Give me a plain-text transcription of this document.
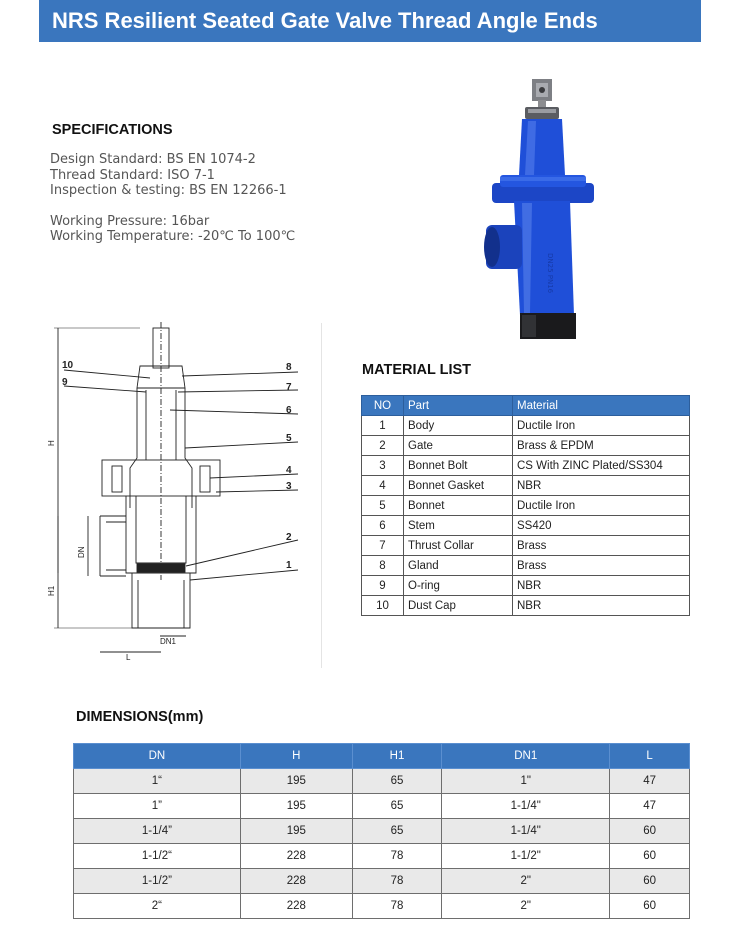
NRS Resilient Seated Gate Valve Thread Angle Ends
SPECIFICATIONS
Design Standard: BS EN 1074-2
Thread Standard: ISO 7-1
Inspection & testing: BS EN 12266-1
Working Pressure: 16bar
Working Temperature: -20℃ To 100℃
DN25 PN16
10
9
8
7
6
5
4
3
2
1
H
H1
DN
DN1
L
MATERIAL LIST
NO	Part	Material
1	Body	Ductile Iron
2	Gate	Brass & EPDM
3	Bonnet Bolt	CS With ZINC Plated/SS304
4	Bonnet Gasket	NBR
5	Bonnet	Ductile Iron
6	Stem	SS420
7	Thrust Collar	Brass
8	Gland	Brass
9	O-ring	NBR
10	Dust Cap	NBR
DIMENSIONS(mm)
DN	H	H1	DN1	L
1“	195	65	1"	47
1”	195	65	1-1/4"	47
1-1/4”	195	65	1-1/4"	60
1-1/2“	228	78	1-1/2"	60
1-1/2”	228	78	2"	60
2“	228	78	2"	60
